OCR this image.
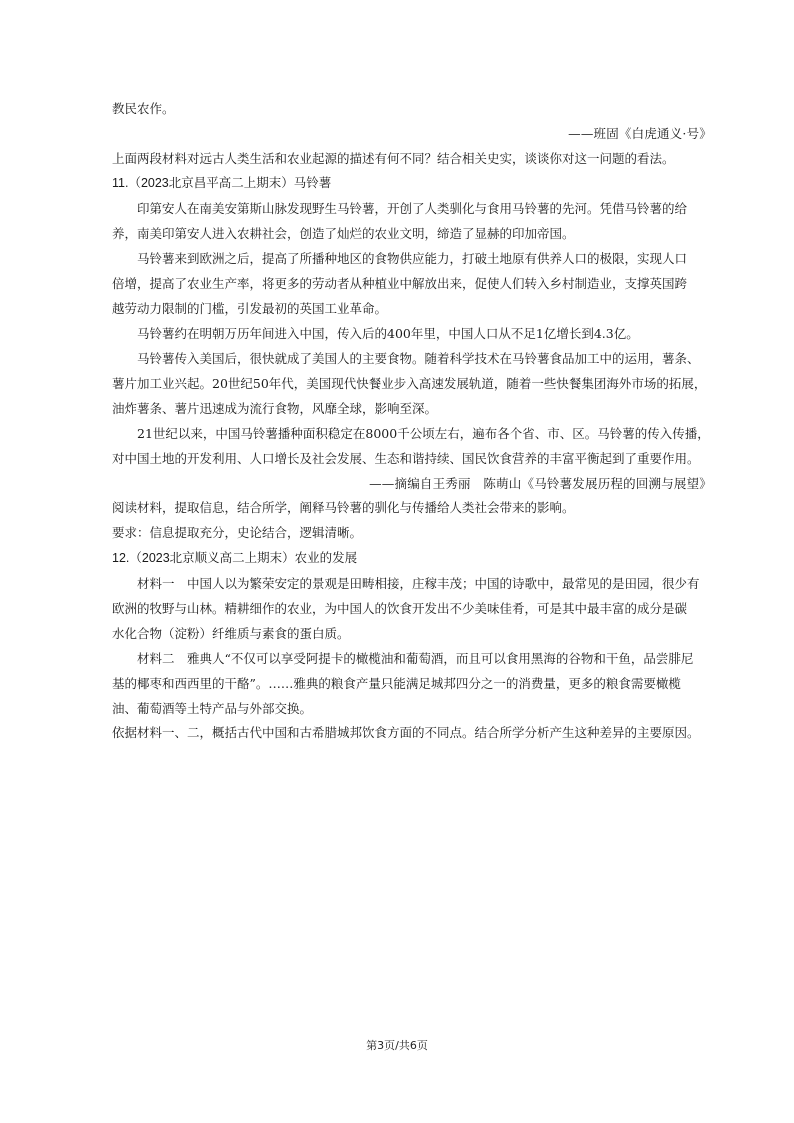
教民农作。
——班固《白虎通义·号》
上面两段材料对远古人类生活和农业起源的描述有何不同？结合相关史实，谈谈你对这一问题的看法。
11.（2023北京昌平高二上期末）马铃薯
印第安人在南美安第斯山脉发现野生马铃薯，开创了人类驯化与食用马铃薯的先河。凭借马铃薯的给
养，南美印第安人进入农耕社会，创造了灿烂的农业文明，缔造了显赫的印加帝国。
马铃薯来到欧洲之后，提高了所播种地区的食物供应能力，打破土地原有供养人口的极限，实现人口
倍增，提高了农业生产率，将更多的劳动者从种植业中解放出来，促使人们转入乡村制造业，支撑英国跨
越劳动力限制的门槛，引发最初的英国工业革命。
马铃薯约在明朝万历年间进入中国，传入后的400年里，中国人口从不足1亿增长到4.3亿。
马铃薯传入美国后，很快就成了美国人的主要食物。随着科学技术在马铃薯食品加工中的运用，薯条、
薯片加工业兴起。20世纪50年代，美国现代快餐业步入高速发展轨道，随着一些快餐集团海外市场的拓展，
油炸薯条、薯片迅速成为流行食物，风靡全球，影响至深。
21世纪以来，中国马铃薯播种面积稳定在8000千公顷左右，遍布各个省、市、区。马铃薯的传入传播，
对中国土地的开发利用、人口增长及社会发展、生态和谐持续、国民饮食营养的丰富平衡起到了重要作用。
——摘编自王秀丽　陈萌山《马铃薯发展历程的回溯与展望》
阅读材料，提取信息，结合所学，阐释马铃薯的驯化与传播给人类社会带来的影响。
要求：信息提取充分，史论结合，逻辑清晰。
12.（2023北京顺义高二上期末）农业的发展
材料一　中国人以为繁荣安定的景观是田畴相接，庄稼丰茂；中国的诗歌中，最常见的是田园，很少有
欧洲的牧野与山林。精耕细作的农业，为中国人的饮食开发出不少美味佳肴，可是其中最丰富的成分是碳
水化合物（淀粉）纤维质与素食的蛋白质。
材料二　雅典人“不仅可以享受阿提卡的橄榄油和葡萄酒，而且可以食用黑海的谷物和干鱼，品尝腓尼
基的椰枣和西西里的干酪”。……雅典的粮食产量只能满足城邦四分之一的消费量，更多的粮食需要橄榄
油、葡萄酒等土特产品与外部交换。
依据材料一、二，概括古代中国和古希腊城邦饮食方面的不同点。结合所学分析产生这种差异的主要原因。
第3页/共6页
